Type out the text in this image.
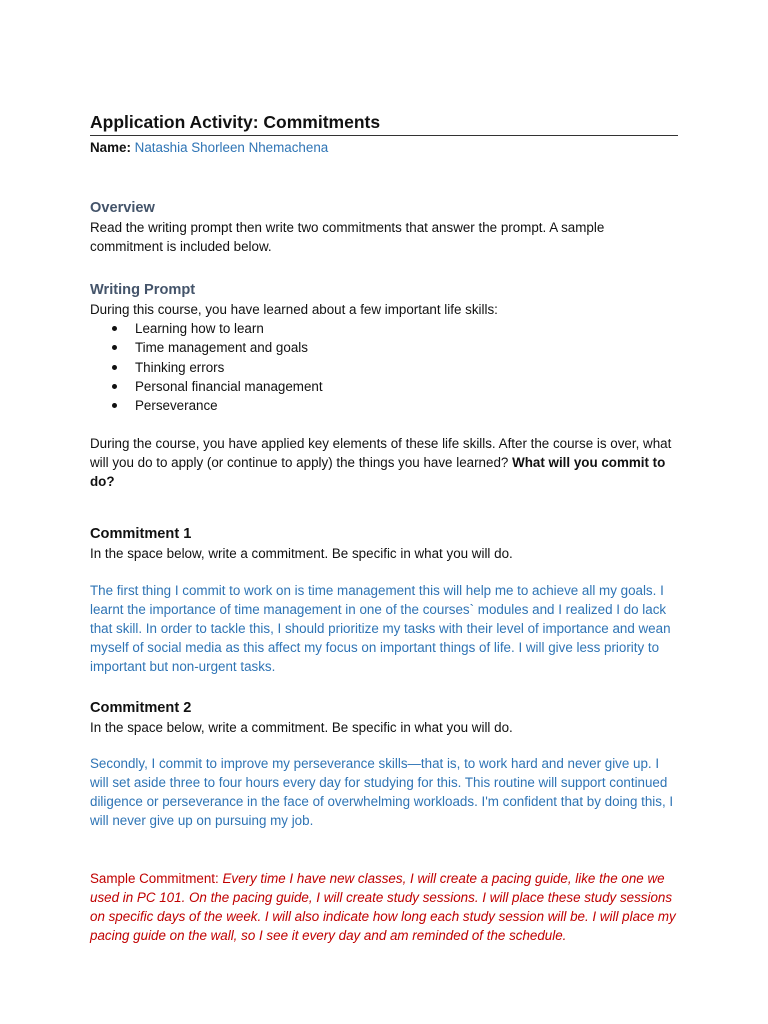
Application Activity: Commitments

Name: Natashia Shorleen Nhemachena

Overview

Read the writing prompt then write two commitments that answer the prompt. A sample commitment is included below.

Writing Prompt

During this course, you have learned about a few important life skills:

Learning how to learn
Time management and goals
Thinking errors
Personal financial management
Perseverance

During the course, you have applied key elements of these life skills. After the course is over, what will you do to apply (or continue to apply) the things you have learned? What will you commit to do?

Commitment 1

In the space below, write a commitment. Be specific in what you will do.

The first thing I commit to work on is time management this will help me to achieve all my goals. I learnt the importance of time management in one of the courses` modules and I realized I do lack that skill. In order to tackle this, I should prioritize my tasks with their level of importance and wean myself of social media as this affect my focus on important things of life. I will give less priority to important but non-urgent tasks.

Commitment 2

In the space below, write a commitment. Be specific in what you will do.

Secondly, I commit to improve my perseverance skills—that is, to work hard and never give up. I will set aside three to four hours every day for studying for this. This routine will support continued diligence or perseverance in the face of overwhelming workloads. I'm confident that by doing this, I will never give up on pursuing my job.

Sample Commitment: Every time I have new classes, I will create a pacing guide, like the one we used in PC 101. On the pacing guide, I will create study sessions. I will place these study sessions on specific days of the week. I will also indicate how long each study session will be. I will place my pacing guide on the wall, so I see it every day and am reminded of the schedule.
